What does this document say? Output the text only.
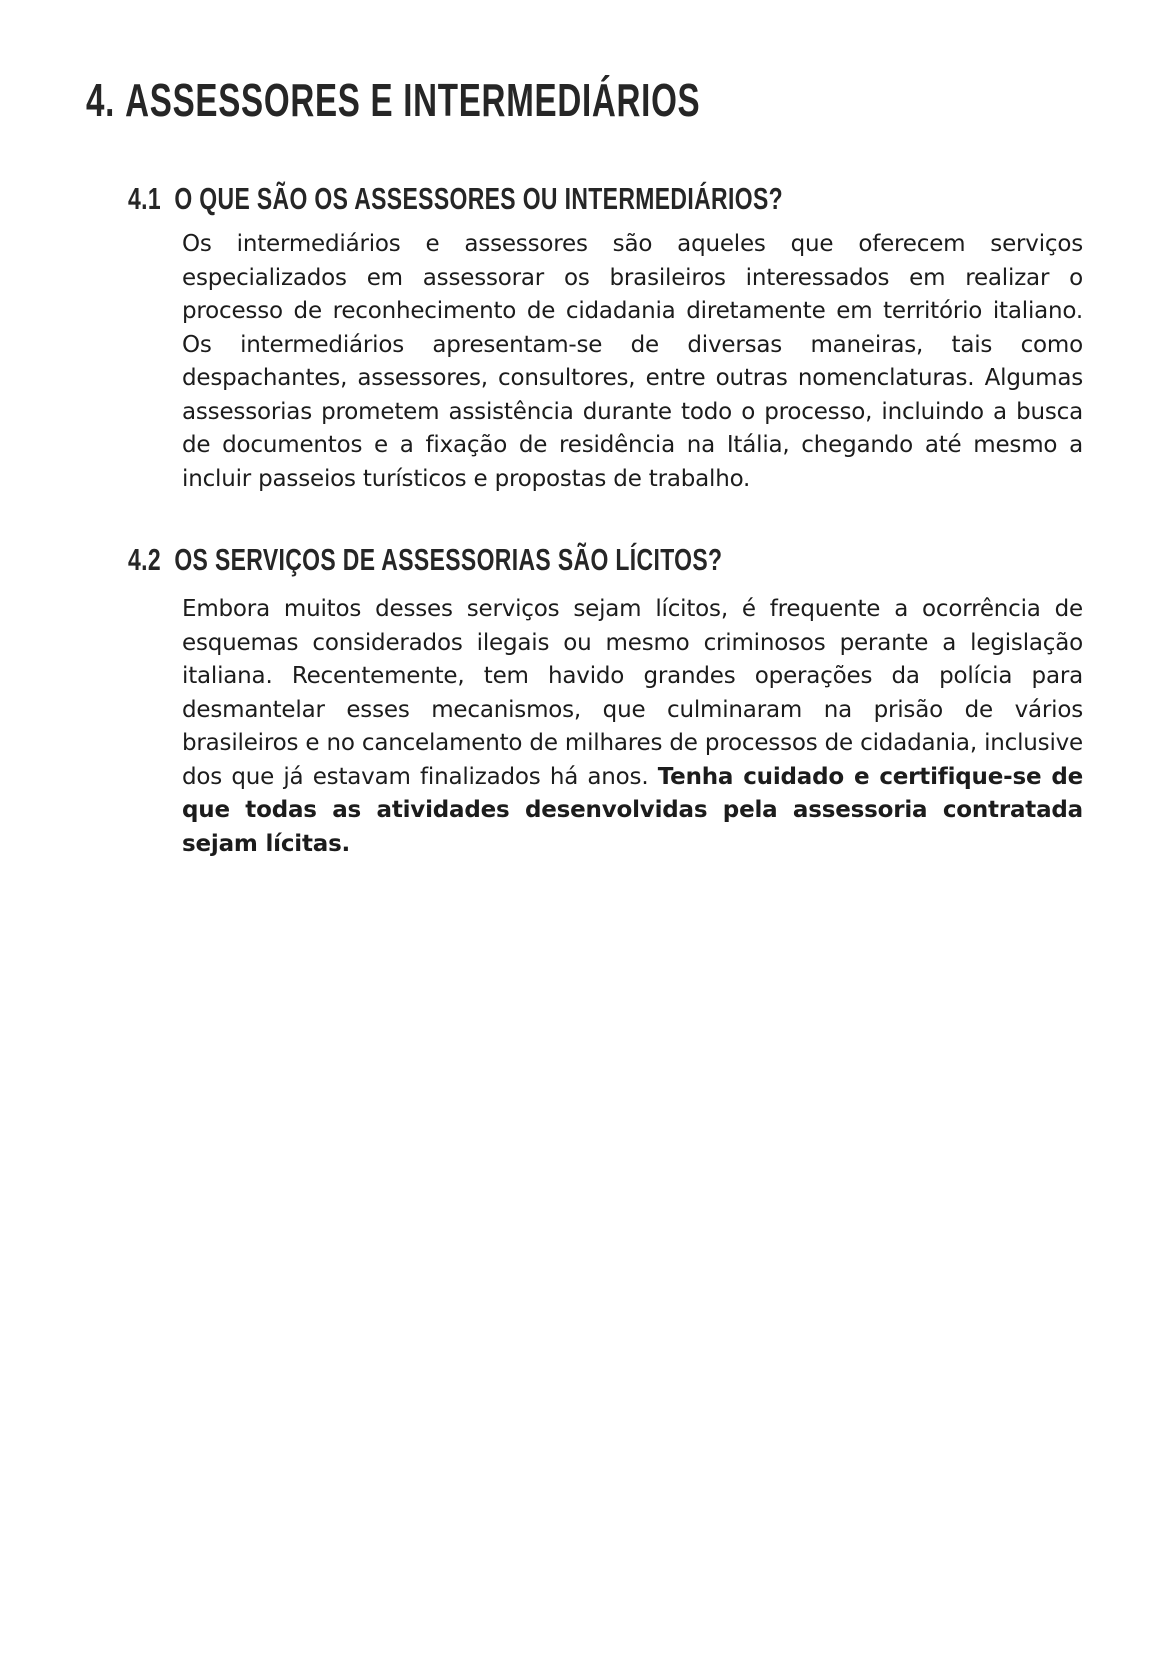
4. ASSESSORES E INTERMEDIÁRIOS
4.1 O QUE SÃO OS ASSESSORES OU INTERMEDIÁRIOS?

Os intermediários e assessores são aqueles que oferecem serviços especializados em assessorar os brasileiros interessados em realizar o processo de reconhecimento de cidadania diretamente em território italiano. Os intermediários apresentam-se de diversas maneiras, tais como despachantes, assessores, consultores, entre outras nomenclaturas. Algumas assessorias prometem assistência durante todo o processo, incluindo a busca de documentos e a fixação de residência na Itália, chegando até mesmo a incluir passeios turísticos e propostas de trabalho.

4.2 OS SERVIÇOS DE ASSESSORIAS SÃO LÍCITOS?

Embora muitos desses serviços sejam lícitos, é frequente a ocorrência de esquemas considerados ilegais ou mesmo criminosos perante a legislação italiana. Recentemente, tem havido grandes operações da polícia para desmantelar esses mecanismos, que culminaram na prisão de vários brasileiros e no cancelamento de milhares de processos de cidadania, inclusive dos que já estavam finalizados há anos. Tenha cuidado e certifique-se de que todas as atividades desenvolvidas pela assessoria contratada sejam lícitas.
